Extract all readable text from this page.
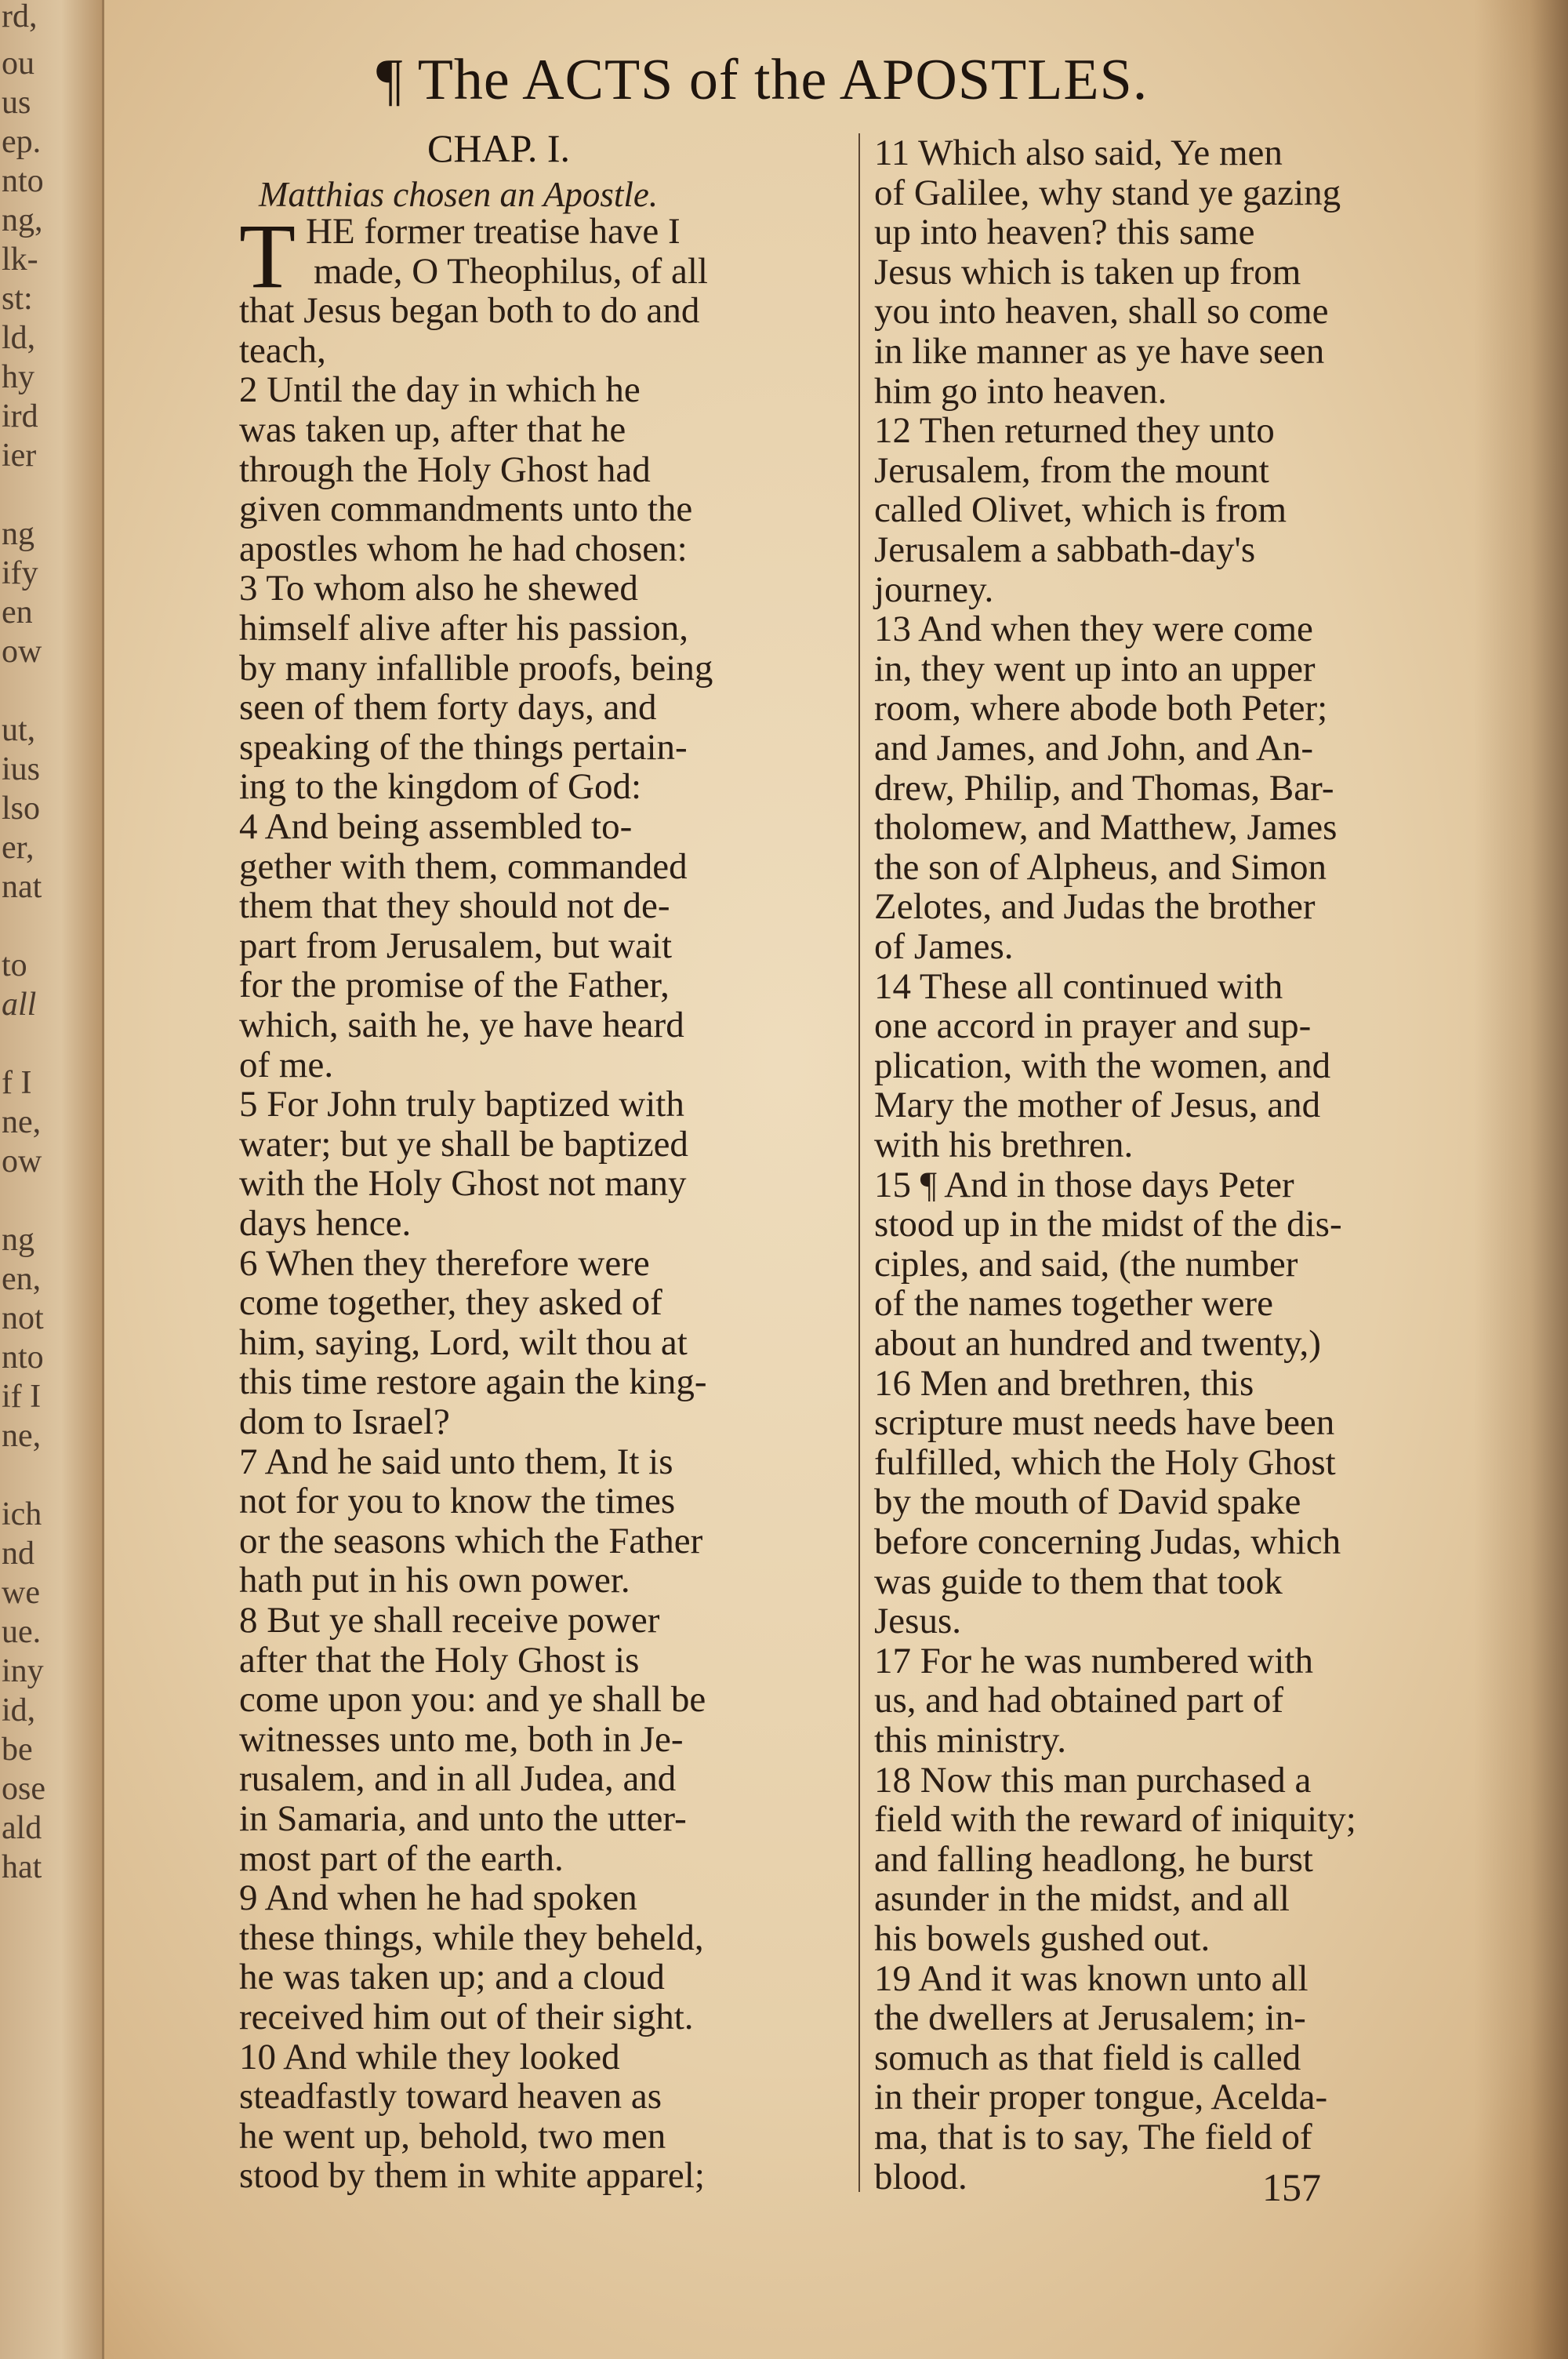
rd,
ou
us
ep.
nto
ng,
lk-
st:
ld,
hy
ird
ier
ng
ify
en
ow
ut,
ius
lso
er,
nat
to
all
f I
ne,
ow
ng
en,
not
nto
if I
ne,
ich
nd
we
ue.
iny
id,
be
ose
ald
hat
¶ The ACTS of the APOSTLES.
CHAP. I.
Matthias chosen an Apostle.
T HE former treatise have I
made, O Theophilus, of all
that Jesus began both to do and
teach,
2 Until the day in which he
was taken up, after that he
through the Holy Ghost had
given commandments unto the
apostles whom he had chosen:
3 To whom also he shewed
himself alive after his passion,
by many infallible proofs, being
seen of them forty days, and
speaking of the things pertain-
ing to the kingdom of God:
4 And being assembled to-
gether with them, commanded
them that they should not de-
part from Jerusalem, but wait
for the promise of the Father,
which, saith he, ye have heard
of me.
5 For John truly baptized with
water; but ye shall be baptized
with the Holy Ghost not many
days hence.
6 When they therefore were
come together, they asked of
him, saying, Lord, wilt thou at
this time restore again the king-
dom to Israel?
7 And he said unto them, It is
not for you to know the times
or the seasons which the Father
hath put in his own power.
8 But ye shall receive power
after that the Holy Ghost is
come upon you: and ye shall be
witnesses unto me, both in Je-
rusalem, and in all Judea, and
in Samaria, and unto the utter-
most part of the earth.
9 And when he had spoken
these things, while they beheld,
he was taken up; and a cloud
received him out of their sight.
10 And while they looked
steadfastly toward heaven as
he went up, behold, two men
stood by them in white apparel;
11 Which also said, Ye men
of Galilee, why stand ye gazing
up into heaven? this same
Jesus which is taken up from
you into heaven, shall so come
in like manner as ye have seen
him go into heaven.
12 Then returned they unto
Jerusalem, from the mount
called Olivet, which is from
Jerusalem a sabbath-day's
journey.
13 And when they were come
in, they went up into an upper
room, where abode both Peter;
and James, and John, and An-
drew, Philip, and Thomas, Bar-
tholomew, and Matthew, James
the son of Alpheus, and Simon
Zelotes, and Judas the brother
of James.
14 These all continued with
one accord in prayer and sup-
plication, with the women, and
Mary the mother of Jesus, and
with his brethren.
15 ¶ And in those days Peter
stood up in the midst of the dis-
ciples, and said, (the number
of the names together were
about an hundred and twenty,)
16 Men and brethren, this
scripture must needs have been
fulfilled, which the Holy Ghost
by the mouth of David spake
before concerning Judas, which
was guide to them that took
Jesus.
17 For he was numbered with
us, and had obtained part of
this ministry.
18 Now this man purchased a
field with the reward of iniquity;
and falling headlong, he burst
asunder in the midst, and all
his bowels gushed out.
19 And it was known unto all
the dwellers at Jerusalem; in-
somuch as that field is called
in their proper tongue, Acelda-
ma, that is to say, The field of
blood.	157
